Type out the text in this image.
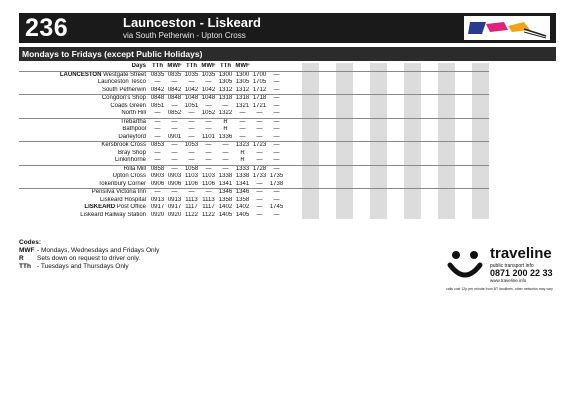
236	Launceston - Liskeard
via South Petherwin - Upton Cross
Mondays to Fridays (except Public Holidays)
Days	TTh	MWF	TTh	MWF	TTh	MWF														
LAUNCESTON Westgate Street	0835	0835	1035	1035	1300	1300	1700	—												
Launceston Tesco	—	—	—	—	1305	1305	1705	—												
South Petherwin	0842	0842	1042	1042	1312	1312	1712	—												
Congdon's Shop	0848	0848	1048	1048	1318	1318	1718	—												
Coads Green	0851	—	1051	—	—	1321	1721	—												
North Hill	—	0852	—	1052	1322	—	—	—												
Trebartha	—	—	—	—	R	—	—	—												
Bathpool	—	—	—	—	R	—	—	—												
Darleyford	—	0901	—	1101	1336	—	—	—												
Kersbrook Cross	0853	—	1053	—	—	1323	1723	—												
Bray Shop	—	—	—	—	—	R	—	—												
Linkinhorne	—	—	—	—	—	R	—	—												
Rilla Mill	0858	—	1058	—	—	1333	1728	—												
Upton Cross	0903	0903	1103	1103	1338	1338	1733	1735												
Tokenbury Corner	0906	0906	1106	1106	1341	1341	—	1738												
Pensilva Victoria Inn	—	—	—	—	1346	1346	—	—												
Liskeard Hospital	0913	0913	1113	1113	1358	1358	—	—												
LISKEARD Post Office	0917	0917	1117	1117	1402	1402	—	1745												
Liskeard Railway Station	0920	0920	1122	1122	1405	1405	—	—												
Codes:
MWF - Mondays, Wednesdays and Fridays Only
R Sets down on request to driver only.
TTh - Tuesdays and Thursdays Only
traveline
public transport info
0871 200 22 33
www.traveline.info
calls cost 12p per minute from BT landlines, other networks may vary
